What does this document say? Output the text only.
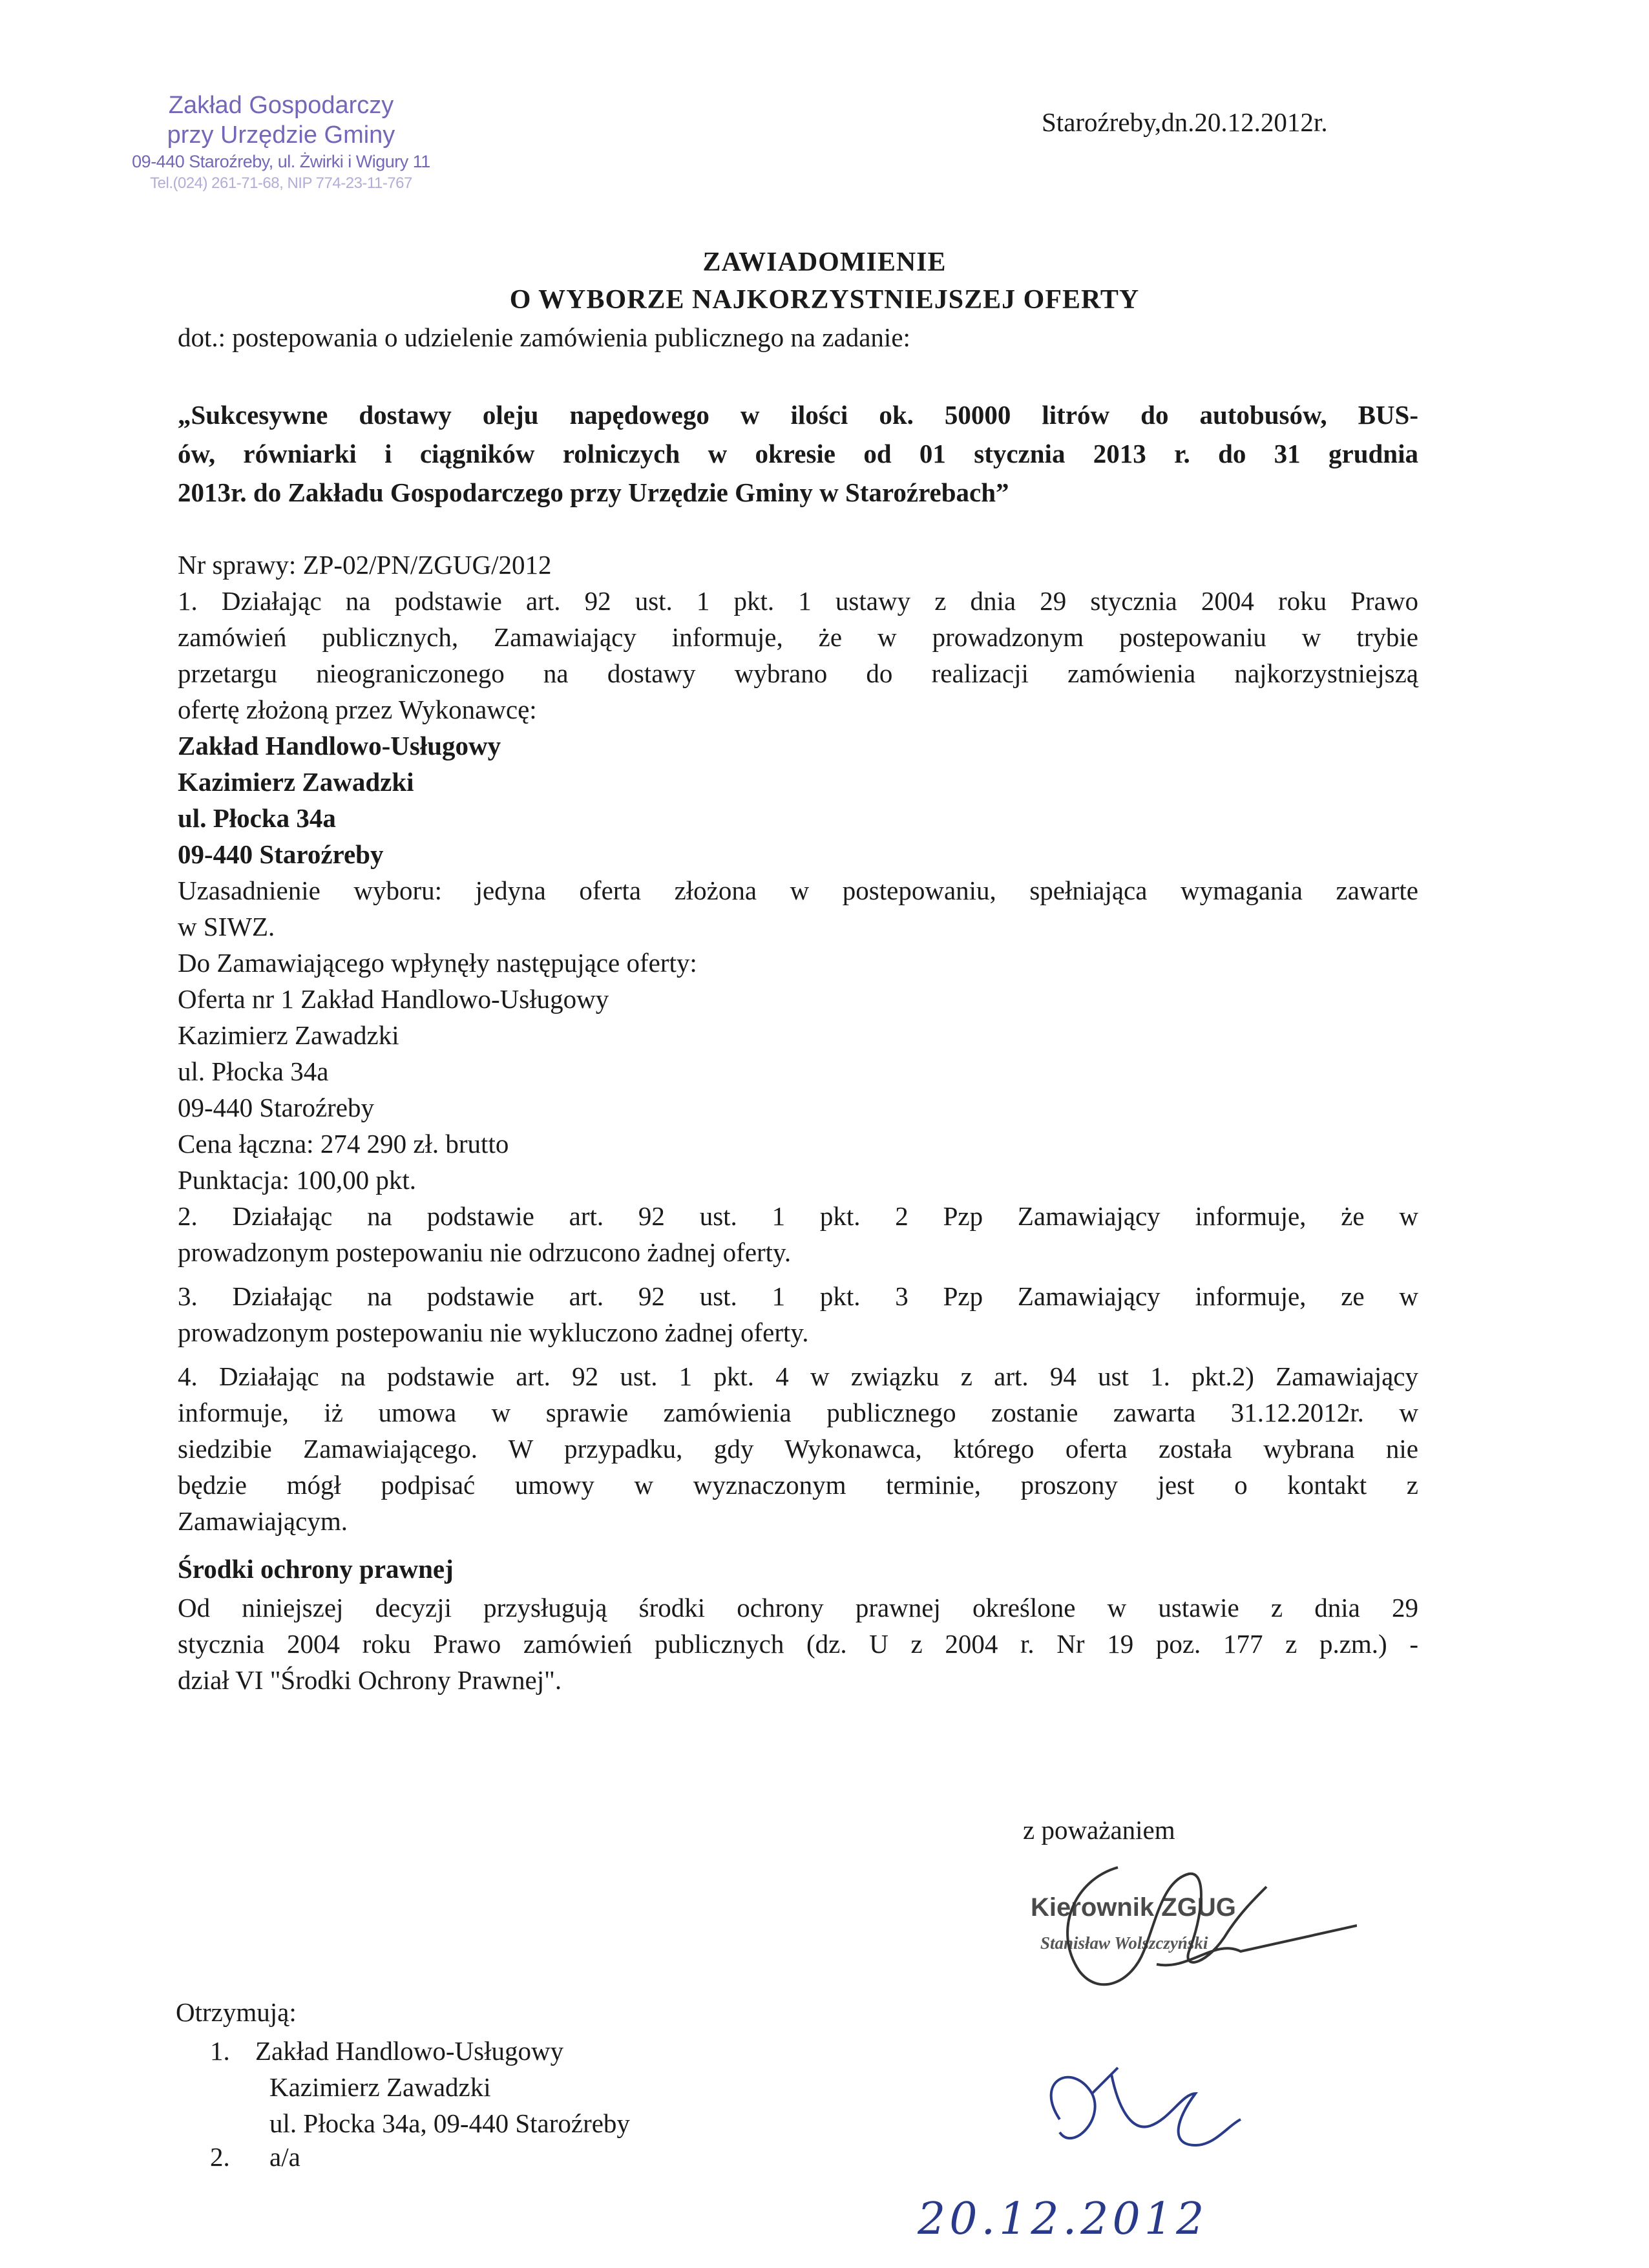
Zakład Gospodarczy
przy Urzędzie Gminy
09-440 Staroźreby, ul. Żwirki i Wigury 11
Tel.(024) 261-71-68, NIP 774-23-11-767
Staroźreby,dn.20.12.2012r.
ZAWIADOMIENIE
O WYBORZE NAJKORZYSTNIEJSZEJ OFERTY
dot.: postepowania o udzielenie zamówienia publicznego na zadanie:

„Sukcesywne dostawy oleju napędowego w ilości ok. 50000 litrów do autobusów, BUS-

ów, równiarki i ciągników rolniczych w okresie od 01 stycznia 2013 r. do 31 grudnia

2013r. do Zakładu Gospodarczego przy Urzędzie Gminy w Staroźrebach”

Nr sprawy: ZP-02/PN/ZGUG/2012

1. Działając na podstawie art. 92 ust. 1 pkt. 1 ustawy z dnia 29 stycznia 2004 roku Prawo

zamówień publicznych, Zamawiający informuje, że w prowadzonym postepowaniu w trybie

przetargu nieograniczonego na dostawy wybrano do realizacji zamówienia najkorzystniejszą

ofertę złożoną przez Wykonawcę:

Zakład Handlowo-Usługowy

Kazimierz Zawadzki

ul. Płocka 34a

09-440 Staroźreby

Uzasadnienie wyboru: jedyna oferta złożona w postepowaniu, spełniająca wymagania zawarte

w SIWZ.

Do Zamawiającego wpłynęły następujące oferty:

Oferta nr 1 Zakład Handlowo-Usługowy

Kazimierz Zawadzki

ul. Płocka 34a

09-440 Staroźreby

Cena łączna: 274 290 zł. brutto

Punktacja: 100,00 pkt.

2. Działając na podstawie art. 92 ust. 1 pkt. 2 Pzp Zamawiający informuje, że w

prowadzonym postepowaniu nie odrzucono żadnej oferty.

3. Działając na podstawie art. 92 ust. 1 pkt. 3 Pzp Zamawiający informuje, ze w

prowadzonym postepowaniu nie wykluczono żadnej oferty.

4. Działając na podstawie art. 92 ust. 1 pkt. 4 w związku z art. 94 ust 1. pkt.2) Zamawiający

informuje, iż umowa w sprawie zamówienia publicznego zostanie zawarta 31.12.2012r. w

siedzibie Zamawiającego. W przypadku, gdy Wykonawca, którego oferta została wybrana nie

będzie mógł podpisać umowy w wyznaczonym terminie, proszony jest o kontakt z

Zamawiającym.

Środki ochrony prawnej

Od niniejszej decyzji przysługują środki ochrony prawnej określone w ustawie z dnia 29

stycznia 2004 roku Prawo zamówień publicznych (dz. U z 2004 r. Nr 19 poz. 177 z p.zm.) -

dział VI "Środki Ochrony Prawnej".

z poważaniem
Kierownik ZGUG
Stanisław Wolszczyński
Otrzymują:
1. Zakład Handlowo-Usługowy

Kazimierz Zawadzki

ul. Płocka 34a, 09-440 Staroźreby

2. a/a
20.12.2012
